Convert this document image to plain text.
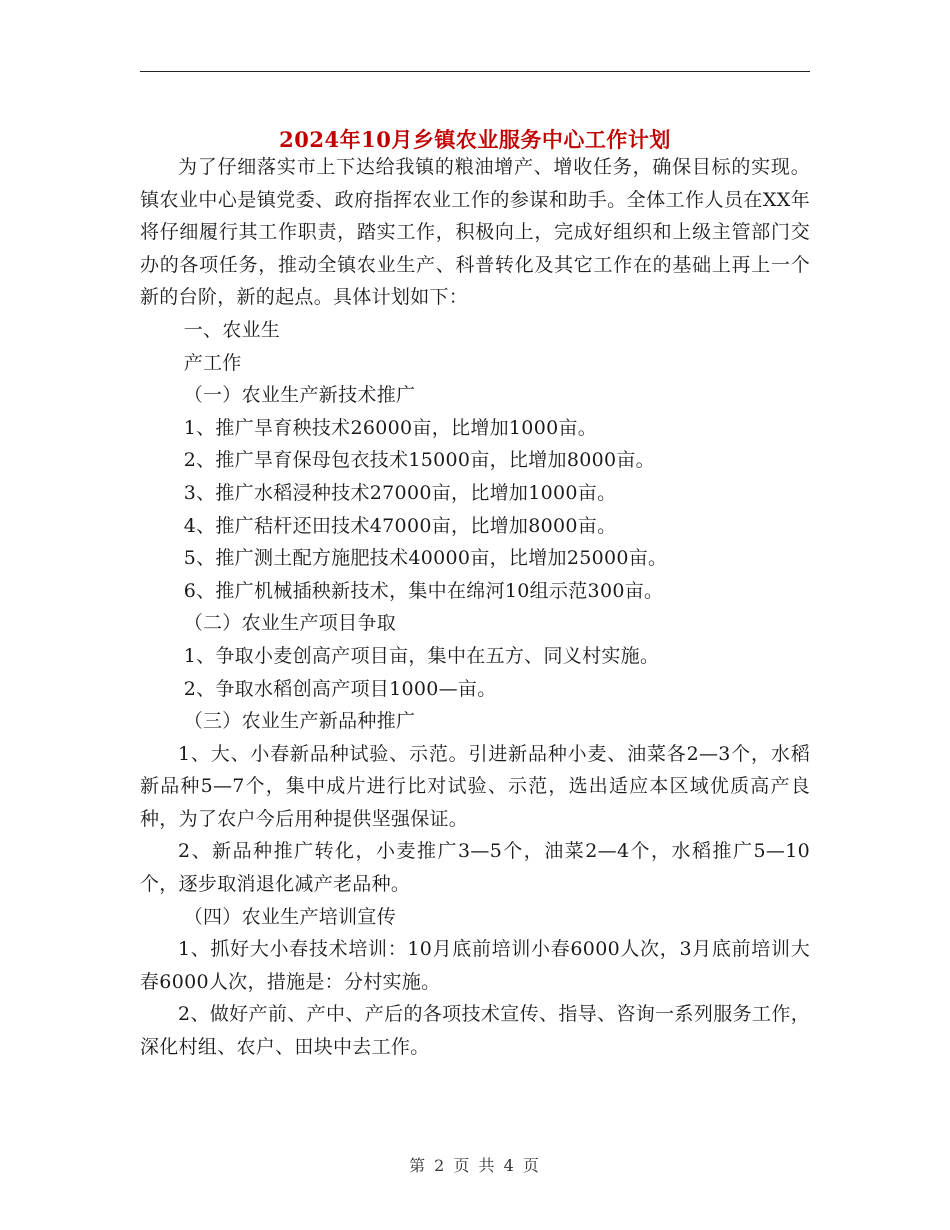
2024年10月乡镇农业服务中心工作计划

为了仔细落实市上下达给我镇的粮油增产、增收任务，确保目标的实现。镇农业中心是镇党委、政府指挥农业工作的参谋和助手。全体工作人员在XX年将仔细履行其工作职责，踏实工作，积极向上，完成好组织和上级主管部门交办的各项任务，推动全镇农业生产、科普转化及其它工作在的基础上再上一个新的台阶，新的起点。具体计划如下：

一、农业生

产工作

（一）农业生产新技术推广

1、推广旱育秧技术26000亩，比增加1000亩。

2、推广旱育保母包衣技术15000亩，比增加8000亩。

3、推广水稻浸种技术27000亩，比增加1000亩。

4、推广秸杆还田技术47000亩，比增加8000亩。

5、推广测土配方施肥技术40000亩，比增加25000亩。

6、推广机械插秧新技术，集中在绵河10组示范300亩。

（二）农业生产项目争取

1、争取小麦创高产项目亩，集中在五方、同义村实施。

2、争取水稻创高产项目1000—亩。

（三）农业生产新品种推广

1、大、小春新品种试验、示范。引进新品种小麦、油菜各2—3个，水稻新品种5—7个，集中成片进行比对试验、示范，选出适应本区域优质高产良种，为了农户今后用种提供坚强保证。

2、新品种推广转化，小麦推广3—5个，油菜2—4个，水稻推广5—10个，逐步取消退化减产老品种。

（四）农业生产培训宣传

1、抓好大小春技术培训：10月底前培训小春6000人次，3月底前培训大春6000人次，措施是：分村实施。

2、做好产前、产中、产后的各项技术宣传、指导、咨询一系列服务工作，深化村组、农户、田块中去工作。

第 2 页 共 4 页
